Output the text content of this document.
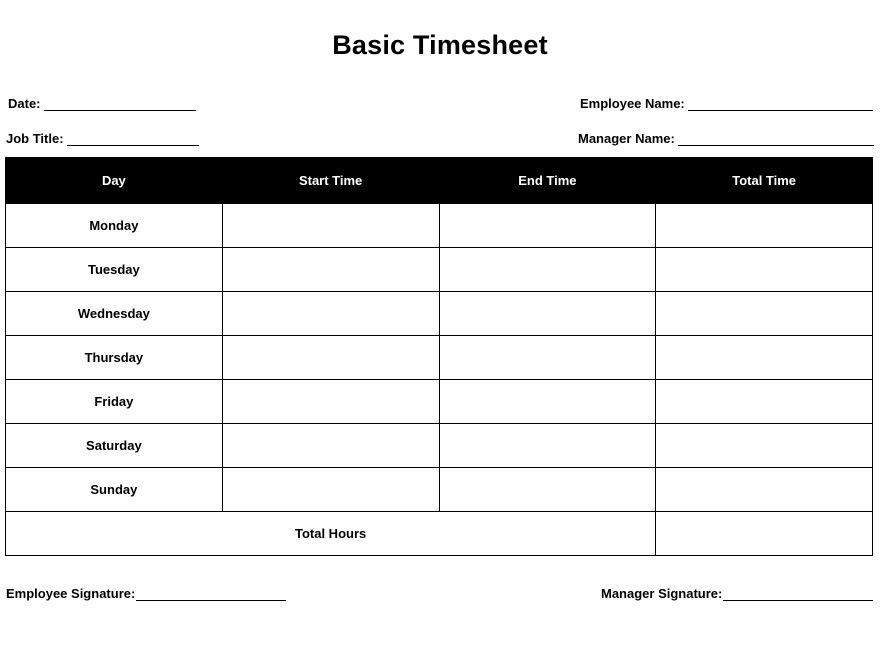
Basic Timesheet
Date:	Employee Name:
Job Title:	Manager Name:
Day	Start Time	End Time	Total Time
Monday			
Tuesday			
Wednesday			
Thursday			
Friday			
Saturday			
Sunday			
Total Hours			
Employee Signature:	Manager Signature:
